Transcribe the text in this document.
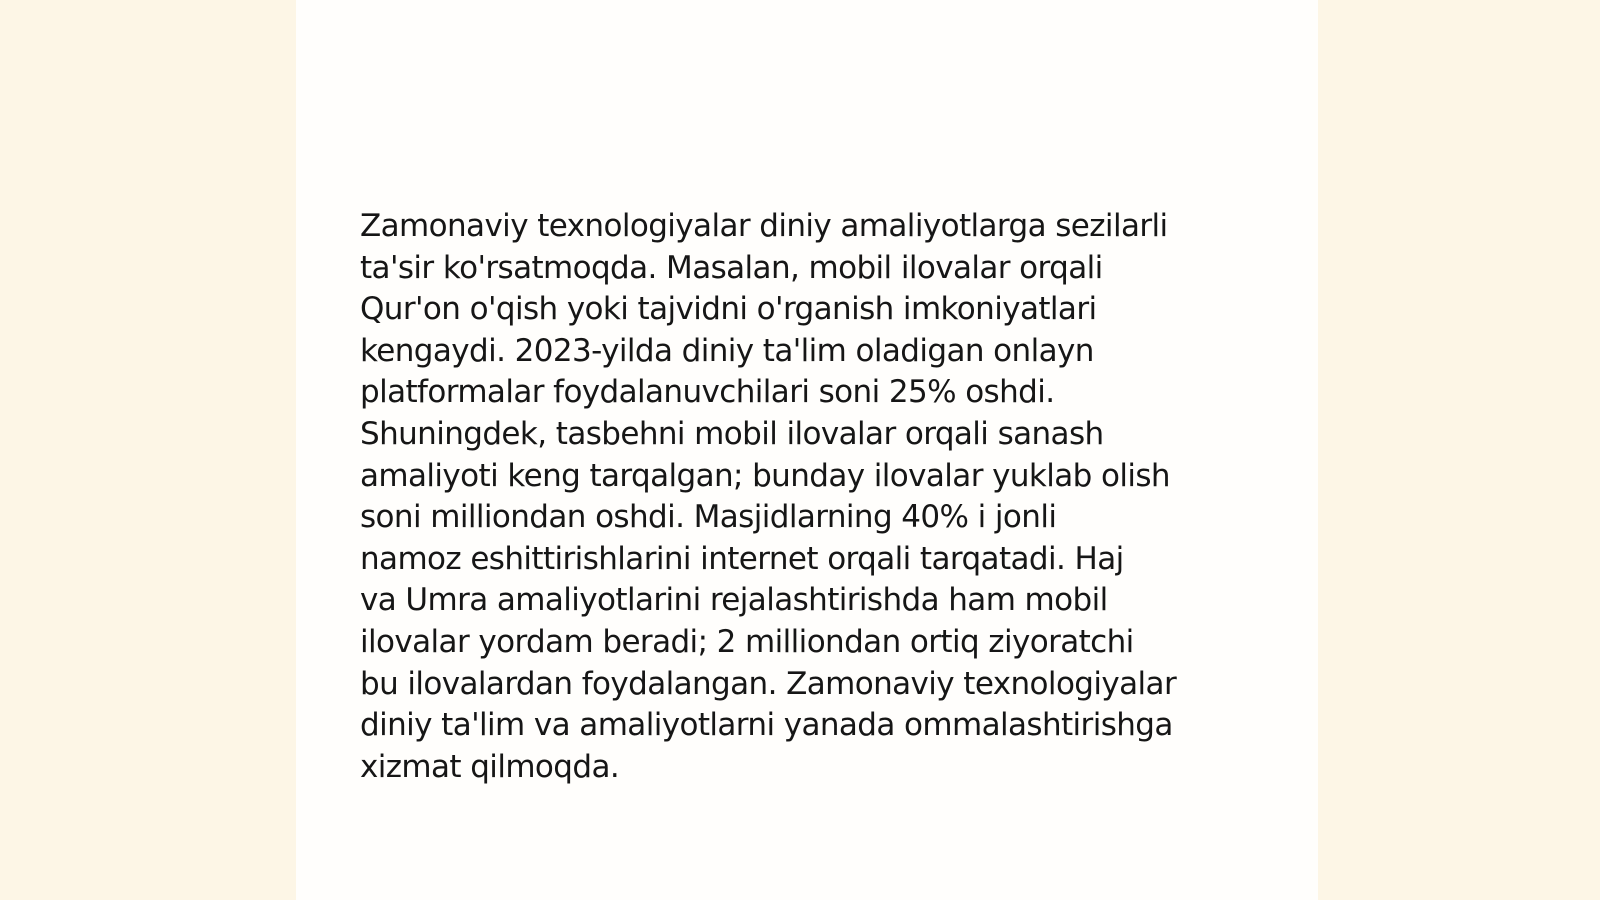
Zamonaviy texnologiyalar diniy amaliyotlarga sezilarli
ta'sir ko'rsatmoqda. Masalan, mobil ilovalar orqali
Qur'on o'qish yoki tajvidni o'rganish imkoniyatlari
kengaydi. 2023-yilda diniy ta'lim oladigan onlayn
platformalar foydalanuvchilari soni 25% oshdi.
Shuningdek, tasbehni mobil ilovalar orqali sanash
amaliyoti keng tarqalgan; bunday ilovalar yuklab olish
soni milliondan oshdi. Masjidlarning 40% i jonli
namoz eshittirishlarini internet orqali tarqatadi. Haj
va Umra amaliyotlarini rejalashtirishda ham mobil
ilovalar yordam beradi; 2 milliondan ortiq ziyoratchi
bu ilovalardan foydalangan. Zamonaviy texnologiyalar
diniy ta'lim va amaliyotlarni yanada ommalashtirishga
xizmat qilmoqda.
